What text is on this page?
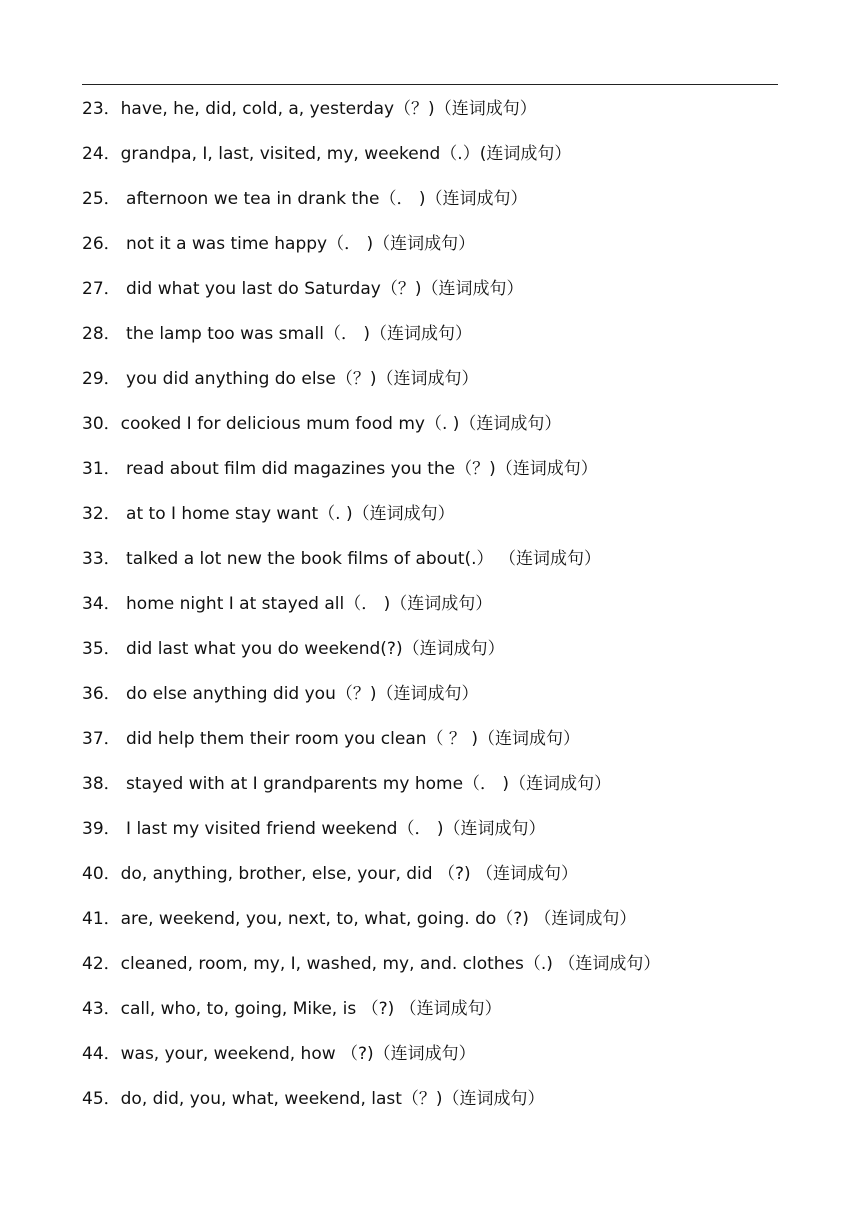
23．have, he, did, cold, a, yesterday（？)（连词成句）
24．grandpa, I, last, visited, my, weekend（.）(连词成句）
25． afternoon we tea in drank the（． )（连词成句）
26． not it a was time happy（． )（连词成句）
27． did what you last do Saturday（？)（连词成句）
28． the lamp too was small（． )（连词成句）
29． you did anything do else（？)（连词成句）
30．cooked I for delicious mum food my（. )（连词成句）
31． read about film did magazines you the（？)（连词成句）
32． at to I home stay want（. )（连词成句）
33． talked a lot new the book films of about(.） （连词成句）
34． home night I at stayed all（． )（连词成句）
35． did last what you do weekend(?)（连词成句）
36． do else anything did you（？)（连词成句）
37． did help them their room you clean（ ？ )（连词成句）
38． stayed with at I grandparents my home（． )（连词成句）
39． I last my visited friend weekend（． )（连词成句）
40．do, anything, brother, else, your, did （?) （连词成句）
41．are, weekend, you, next, to, what, going. do（?) （连词成句）
42．cleaned, room, my, I, washed, my, and. clothes（.) （连词成句）
43．call, who, to, going, Mike, is （?) （连词成句）
44．was, your, weekend, how （?)（连词成句）
45．do, did, you, what, weekend, last（？)（连词成句）
